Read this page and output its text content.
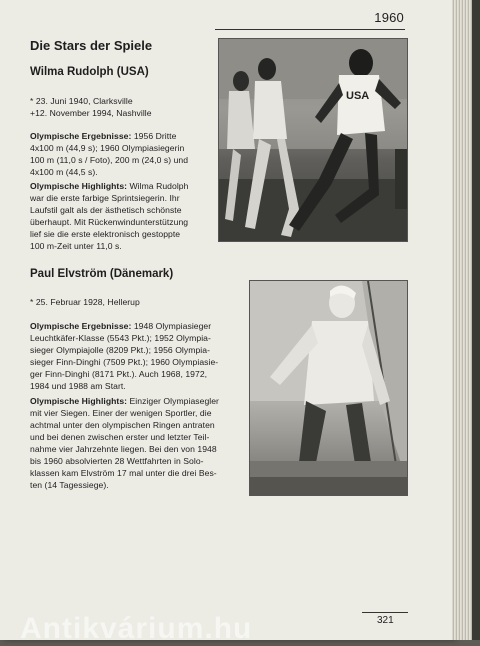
1960
Die Stars der Spiele
Wilma Rudolph (USA)
* 23. Juni 1940, Clarksville
+12. November 1994, Nashville
Olympische Ergebnisse: 1956 Dritte
4x100 m (44,9 s); 1960 Olympiasiegerin
100 m (11,0 s / Foto), 200 m (24,0 s) und
4x100 m (44,5 s).
Olympische Highlights: Wilma Rudolph
war die erste farbige Sprintsiegerin. Ihr
Laufstil galt als der ästhetisch schönste
überhaupt. Mit Rückenwindunterstützung
lief sie die erste elektronisch gestoppte
100 m-Zeit unter 11,0 s.
USA
Paul Elvström (Dänemark)
* 25. Februar 1928, Hellerup
Olympische Ergebnisse: 1948 Olympiasieger
Leuchtkäfer-Klasse (5543 Pkt.); 1952 Olympia-
sieger Olympiajolle (8209 Pkt.); 1956 Olympia-
sieger Finn-Dinghi (7509 Pkt.); 1960 Olympiasie-
ger Finn-Dinghi (8171 Pkt.). Auch 1968, 1972,
1984 und 1988 am Start.
Olympische Highlights: Einziger Olympiasegler
mit vier Siegen. Einer der wenigen Sportler, die
achtmal unter den olympischen Ringen antraten
und bei denen zwischen erster und letzter Teil-
nahme vier Jahrzehnte liegen. Bei den von 1948
bis 1960 absolvierten 28 Wettfahrten in Solo-
klassen kam Elvström 17 mal unter die drei Bes-
ten (14 Tagessiege).
321
Antikvárium.hu
